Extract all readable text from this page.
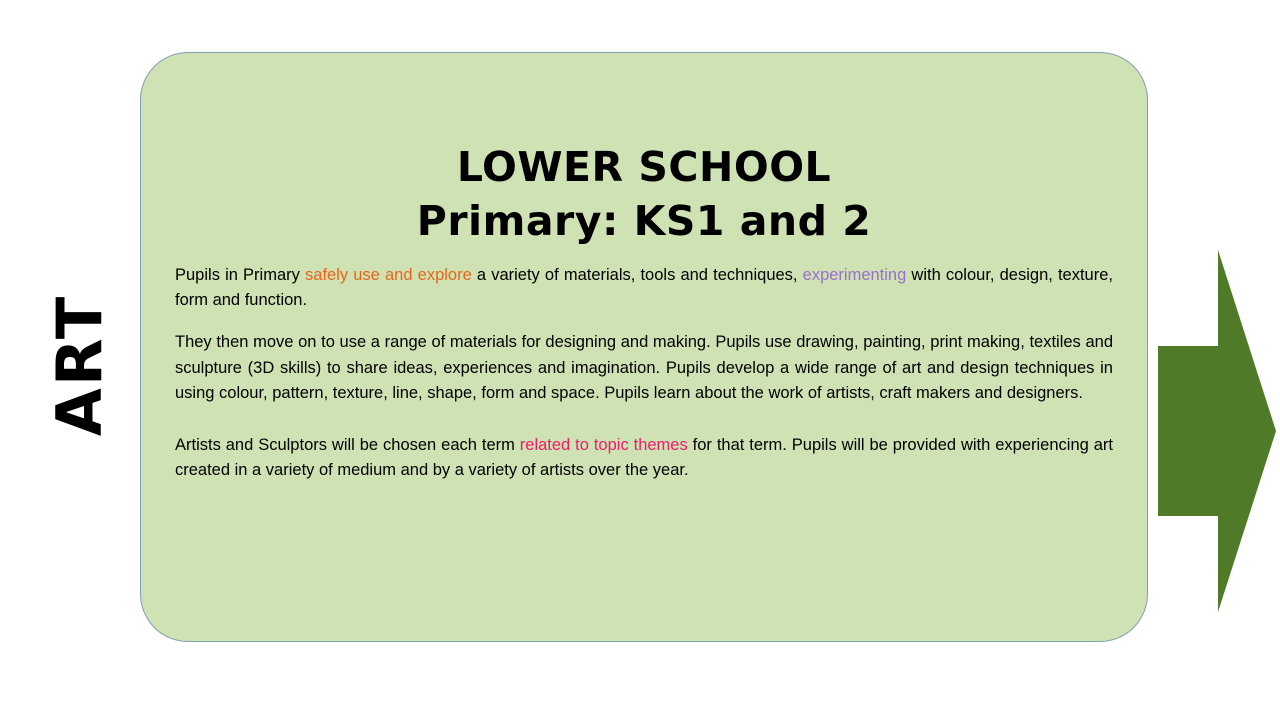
ART
LOWER SCHOOL
Primary: KS1 and 2

Pupils in Primary safely use and explore a variety of materials, tools and techniques, experimenting with colour, design, texture, form and function.

They then move on to use a range of materials for designing and making. Pupils use drawing, painting, print making, textiles and sculpture (3D skills) to share ideas, experiences and imagination. Pupils develop a wide range of art and design techniques in using colour, pattern, texture, line, shape, form and space. Pupils learn about the work of artists, craft makers and designers.

Artists and Sculptors will be chosen each term related to topic themes for that term. Pupils will be provided with experiencing art created in a variety of medium and by a variety of artists over the year.
